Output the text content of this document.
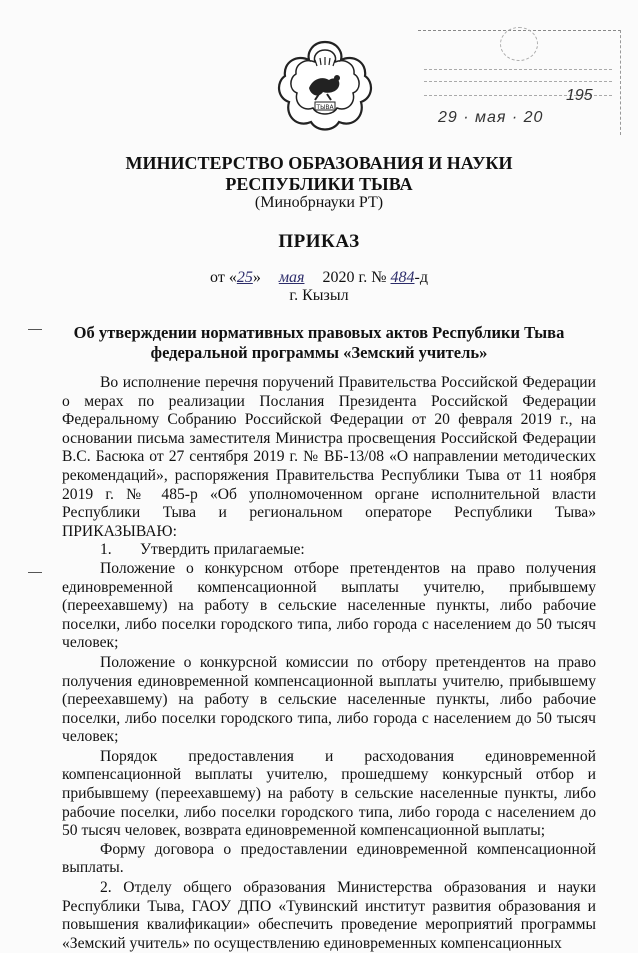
ТЫВА
195
29 · мая · 20
МИНИСТЕРСТВО ОБРАЗОВАНИЯ И НАУКИ
РЕСПУБЛИКИ ТЫВА
(Минобрнауки РТ)
ПРИКАЗ
от «25» мая 2020 г. № 484-д
г. Кызыл
Об утверждении нормативных правовых актов Республики Тыва
федеральной программы «Земский учитель»

Во исполнение перечня поручений Правительства Российской Федерации о мерах по реализации Послания Президента Российской Федерации Федеральному Собранию Российской Федерации от 20 февраля 2019 г., на основании письма заместителя Министра просвещения Российской Федерации В.С. Басюка от 27 сентября 2019 г. № ВБ-13/08 «О направлении методических рекомендаций», распоряжения Правительства Республики Тыва от 11 ноября 2019 г. № 485-р «Об уполномоченном органе исполнительной власти Республики Тыва и региональном операторе Республики Тыва» ПРИКАЗЫВАЮ:

1. Утвердить прилагаемые:

Положение о конкурсном отборе претендентов на право получения единовременной компенсационной выплаты учителю, прибывшему (переехавшему) на работу в сельские населенные пункты, либо рабочие поселки, либо поселки городского типа, либо города с населением до 50 тысяч человек;

Положение о конкурсной комиссии по отбору претендентов на право получения единовременной компенсационной выплаты учителю, прибывшему (переехавшему) на работу в сельские населенные пункты, либо рабочие поселки, либо поселки городского типа, либо города с населением до 50 тысяч человек;

Порядок предоставления и расходования единовременной компенсационной выплаты учителю, прошедшему конкурсный отбор и прибывшему (переехавшему) на работу в сельские населенные пункты, либо рабочие поселки, либо поселки городского типа, либо города с населением до 50 тысяч человек, возврата единовременной компенсационной выплаты;

Форму договора о предоставлении единовременной компенсационной выплаты.

2. Отделу общего образования Министерства образования и науки Республики Тыва, ГАОУ ДПО «Тувинский институт развития образования и повышения квалификации» обеспечить проведение мероприятий программы «Земский учитель» по осуществлению единовременных компенсационных
